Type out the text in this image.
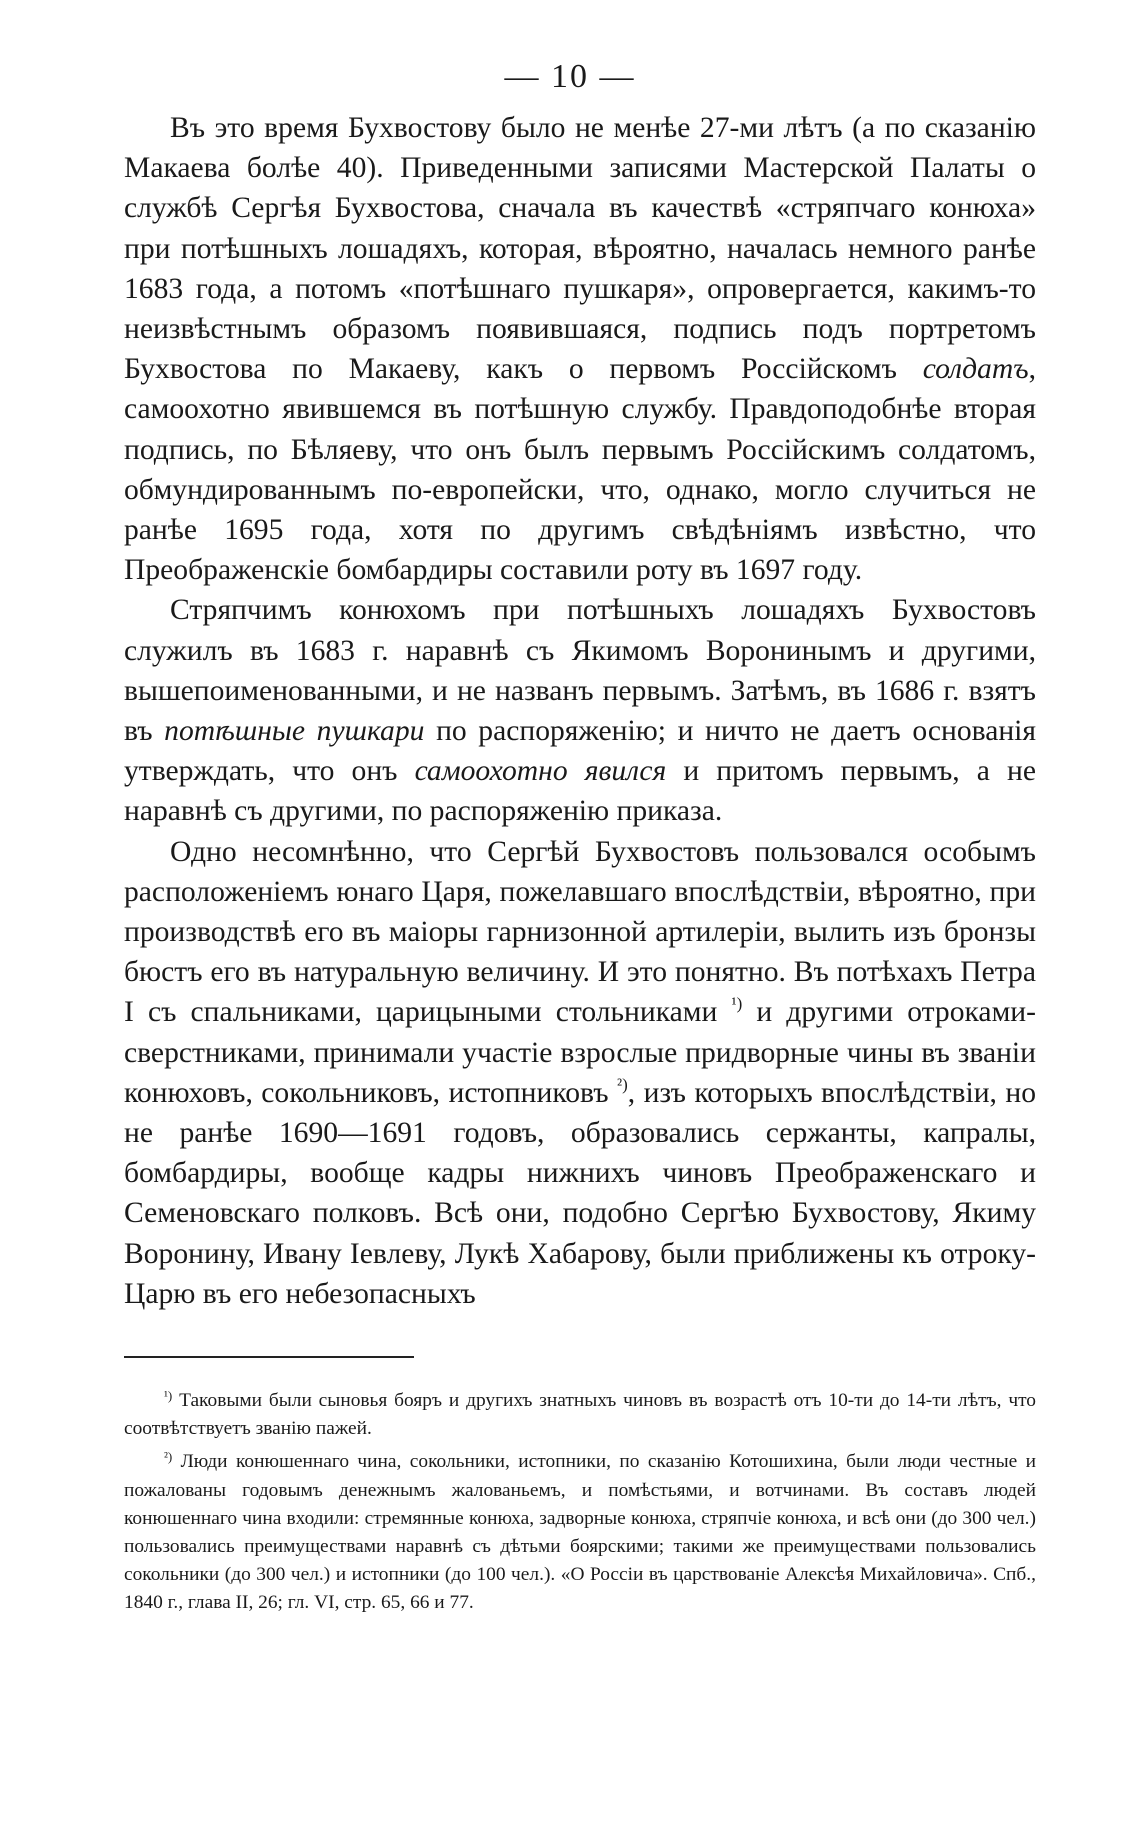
— 10 —

Въ это время Бухвостову было не менѣе 27-ми лѣтъ (а по сказанію Макаева болѣе 40). Приведенными записями Мастерской Палаты о службѣ Сергѣя Бухвостова, сначала въ качествѣ «стряпчаго конюха» при потѣшныхъ лошадяхъ, которая, вѣроятно, началась немного ранѣе 1683 года, а потомъ «потѣшнаго пушкаря», опровергается, какимъ-то неизвѣстнымъ образомъ появившаяся, подпись подъ портретомъ Бухвостова по Макаеву, какъ о первомъ Россійскомъ солдатъ, самоохотно явившемся въ потѣшную службу. Правдоподобнѣе вторая подпись, по Бѣляеву, что онъ былъ первымъ Россійскимъ солдатомъ, обмундированнымъ по-европейски, что, однако, могло случиться не ранѣе 1695 года, хотя по другимъ свѣдѣніямъ извѣстно, что Преображенскіе бомбардиры составили роту въ 1697 году.

Стряпчимъ конюхомъ при потѣшныхъ лошадяхъ Бухвостовъ служилъ въ 1683 г. наравнѣ съ Якимомъ Воронинымъ и другими, вышепоименованными, и не названъ первымъ. Затѣмъ, въ 1686 г. взятъ въ потѣшные пушкари по распоряженію; и ничто не даетъ основанія утверждать, что онъ самоохотно явился и притомъ первымъ, а не наравнѣ съ другими, по распоряженію приказа.

Одно несомнѣнно, что Сергѣй Бухвостовъ пользовался особымъ расположеніемъ юнаго Царя, пожелавшаго впослѣдствіи, вѣроятно, при производствѣ его въ маіоры гарнизонной артилеріи, вылить изъ бронзы бюстъ его въ натуральную величину. И это понятно. Въ потѣхахъ Петра I съ спальниками, царицыными стольниками $^{^1)}$ и другими отроками-сверстниками, принимали участіе взрослые придворные чины въ званіи конюховъ, сокольниковъ, истопниковъ $^{^2)}$, изъ которыхъ впослѣдствіи, но не ранѣе 1690—1691 годовъ, образовались сержанты, капралы, бомбардиры, вообще кадры нижнихъ чиновъ Преображенскаго и Семеновскаго полковъ. Всѣ они, подобно Сергѣю Бухвостову, Якиму Воронину, Ивану Іевлеву, Лукѣ Хабарову, были приближены къ отроку-Царю въ его небезопасныхъ

$^{^1)}$ Таковыми были сыновья бояръ и другихъ знатныхъ чиновъ въ возрастѣ отъ 10-ти до 14-ти лѣтъ, что соотвѣтствуетъ званію пажей.

$^{^2)}$ Люди конюшеннаго чина, сокольники, истопники, по сказанію Котошихина, были люди честные и пожалованы годовымъ денежнымъ жалованьемъ, и помѣстьями, и вотчинами. Въ составъ людей конюшеннаго чина входили: стремянные конюха, задворные конюха, стряпчіе конюха, и всѣ они (до 300 чел.) пользовались преимуществами наравнѣ съ дѣтьми боярскими; такими же преимуществами пользовались сокольники (до 300 чел.) и истопники (до 100 чел.). «О Россіи въ царствованіе Алексѣя Михайловича». Спб., 1840 г., глава II, 26; гл. VI, стр. 65, 66 и 77.
